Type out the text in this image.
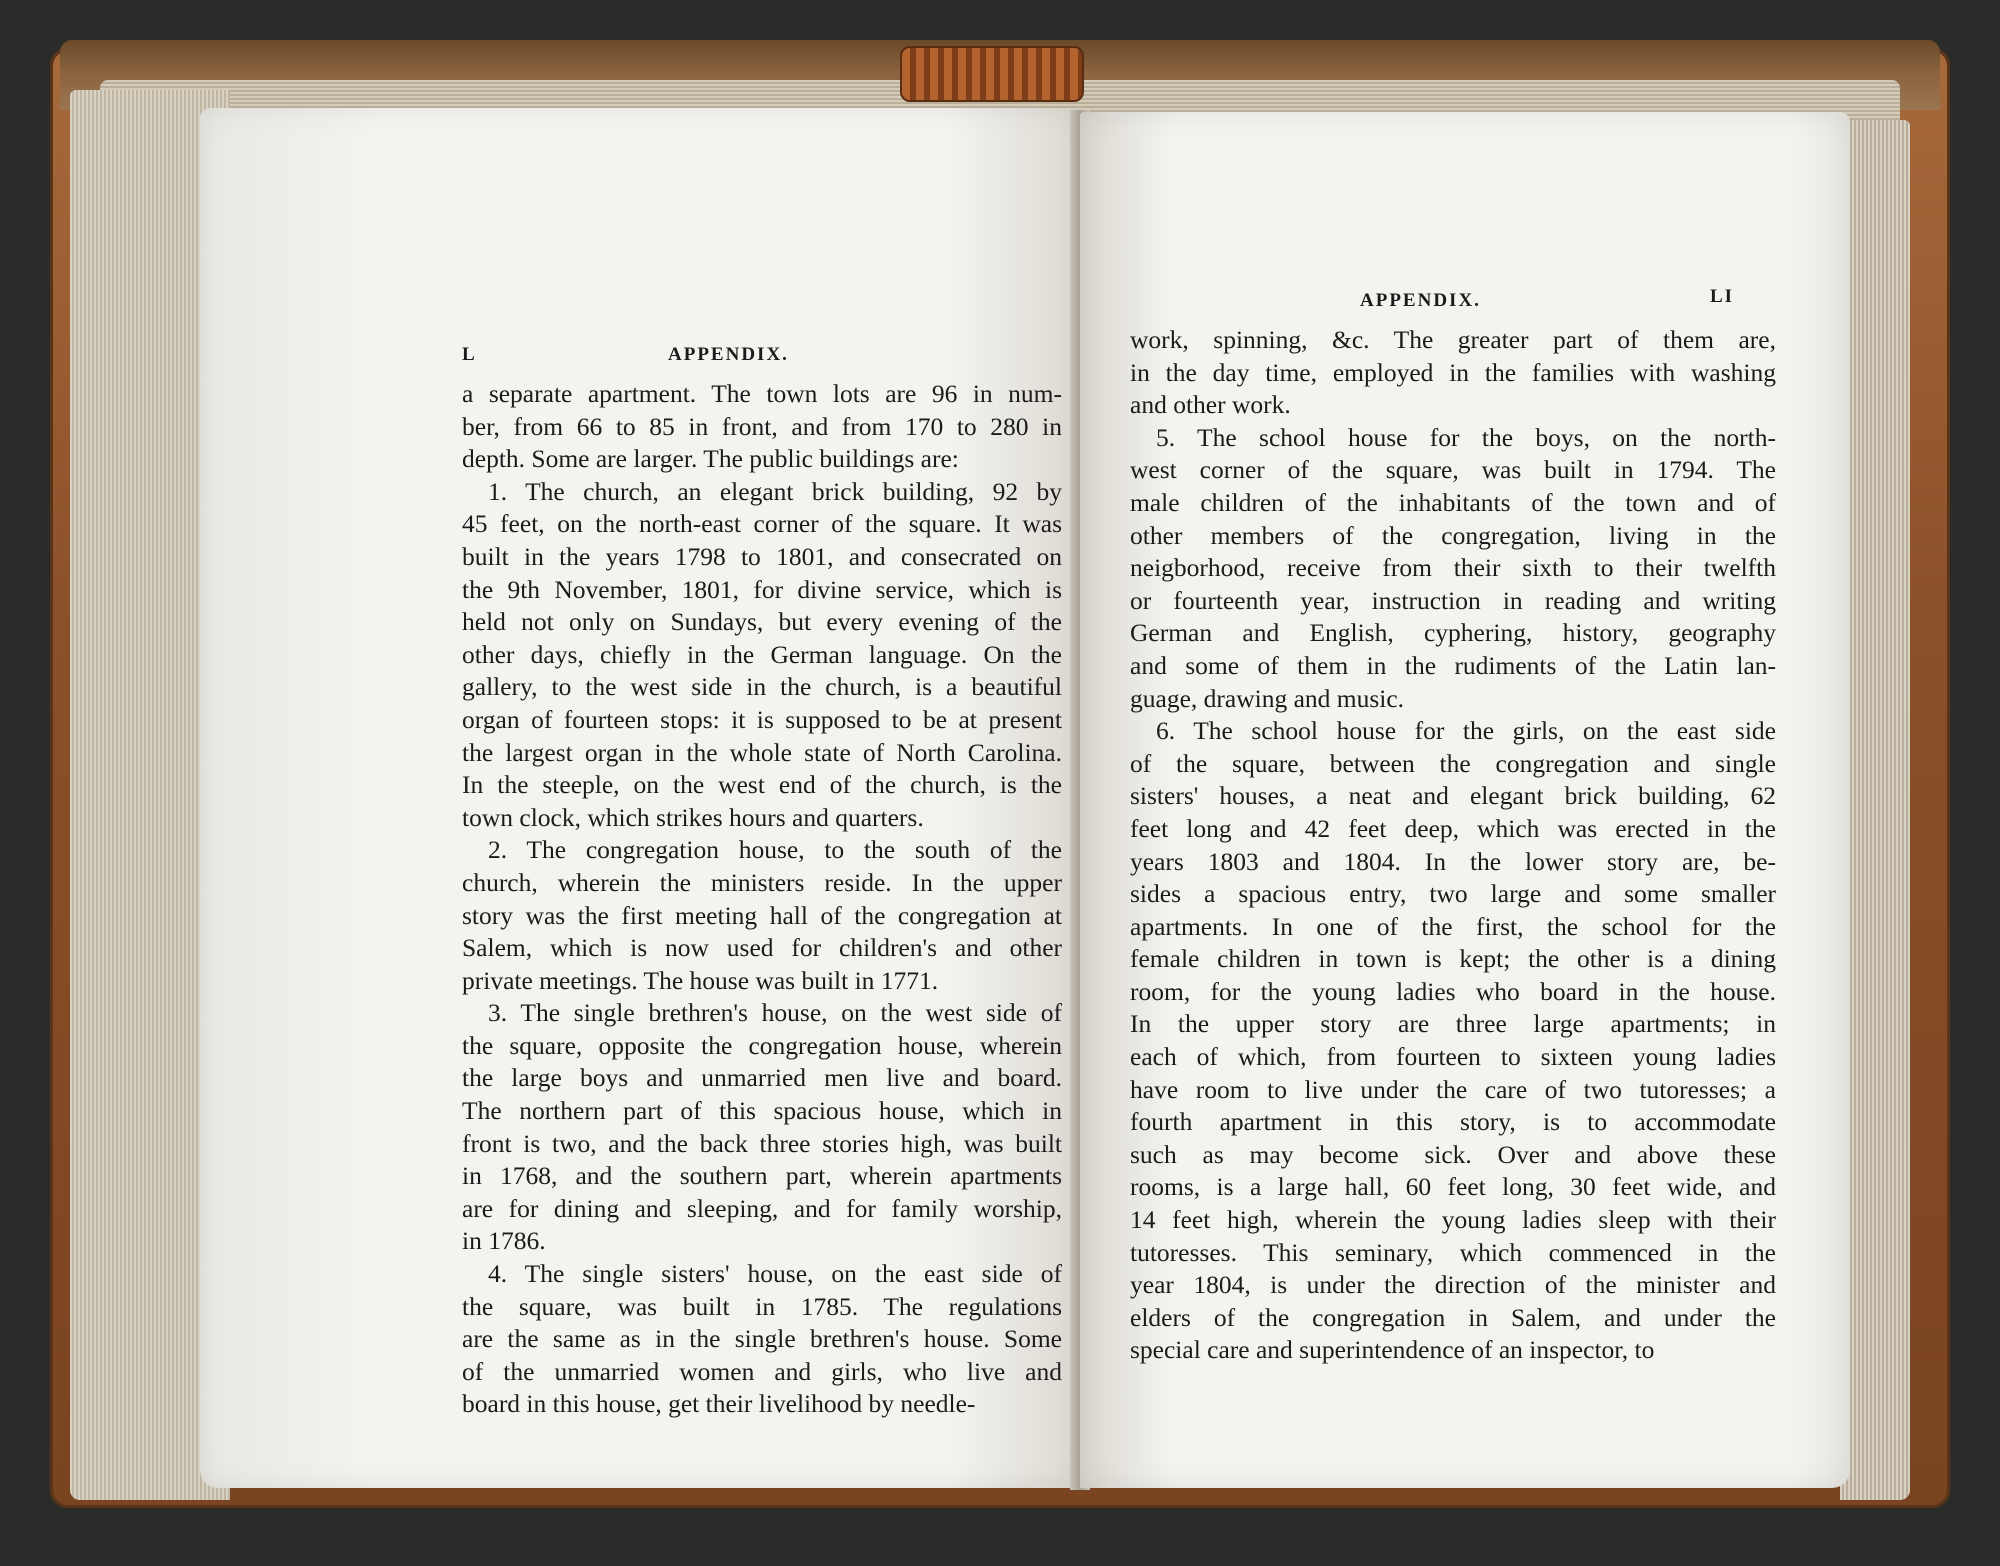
L	APPENDIX.
a separate apartment. The town lots are 96 in num-
ber, from 66 to 85 in front, and from 170 to 280 in
depth. Some are larger. The public buildings are:
1. The church, an elegant brick building, 92 by
45 feet, on the north-east corner of the square. It was
built in the years 1798 to 1801, and consecrated on
the 9th November, 1801, for divine service, which is
held not only on Sundays, but every evening of the
other days, chiefly in the German language. On the
gallery, to the west side in the church, is a beautiful
organ of fourteen stops: it is supposed to be at present
the largest organ in the whole state of North Carolina.
In the steeple, on the west end of the church, is the
town clock, which strikes hours and quarters.
2. The congregation house, to the south of the
church, wherein the ministers reside. In the upper
story was the first meeting hall of the congregation at
Salem, which is now used for children's and other
private meetings. The house was built in 1771.
3. The single brethren's house, on the west side of
the square, opposite the congregation house, wherein
the large boys and unmarried men live and board.
The northern part of this spacious house, which in
front is two, and the back three stories high, was built
in 1768, and the southern part, wherein apartments
are for dining and sleeping, and for family worship,
in 1786.
4. The single sisters' house, on the east side of
the square, was built in 1785. The regulations
are the same as in the single brethren's house. Some
of the unmarried women and girls, who live and
board in this house, get their livelihood by needle-
APPENDIX.	LI
work, spinning, &c. The greater part of them are,
in the day time, employed in the families with washing
and other work.
5. The school house for the boys, on the north-
west corner of the square, was built in 1794. The
male children of the inhabitants of the town and of
other members of the congregation, living in the
neigborhood, receive from their sixth to their twelfth
or fourteenth year, instruction in reading and writing
German and English, cyphering, history, geography
and some of them in the rudiments of the Latin lan-
guage, drawing and music.
6. The school house for the girls, on the east side
of the square, between the congregation and single
sisters' houses, a neat and elegant brick building, 62
feet long and 42 feet deep, which was erected in the
years 1803 and 1804. In the lower story are, be-
sides a spacious entry, two large and some smaller
apartments. In one of the first, the school for the
female children in town is kept; the other is a dining
room, for the young ladies who board in the house.
In the upper story are three large apartments; in
each of which, from fourteen to sixteen young ladies
have room to live under the care of two tutoresses; a
fourth apartment in this story, is to accommodate
such as may become sick. Over and above these
rooms, is a large hall, 60 feet long, 30 feet wide, and
14 feet high, wherein the young ladies sleep with their
tutoresses. This seminary, which commenced in the
year 1804, is under the direction of the minister and
elders of the congregation in Salem, and under the
special care and superintendence of an inspector, to
